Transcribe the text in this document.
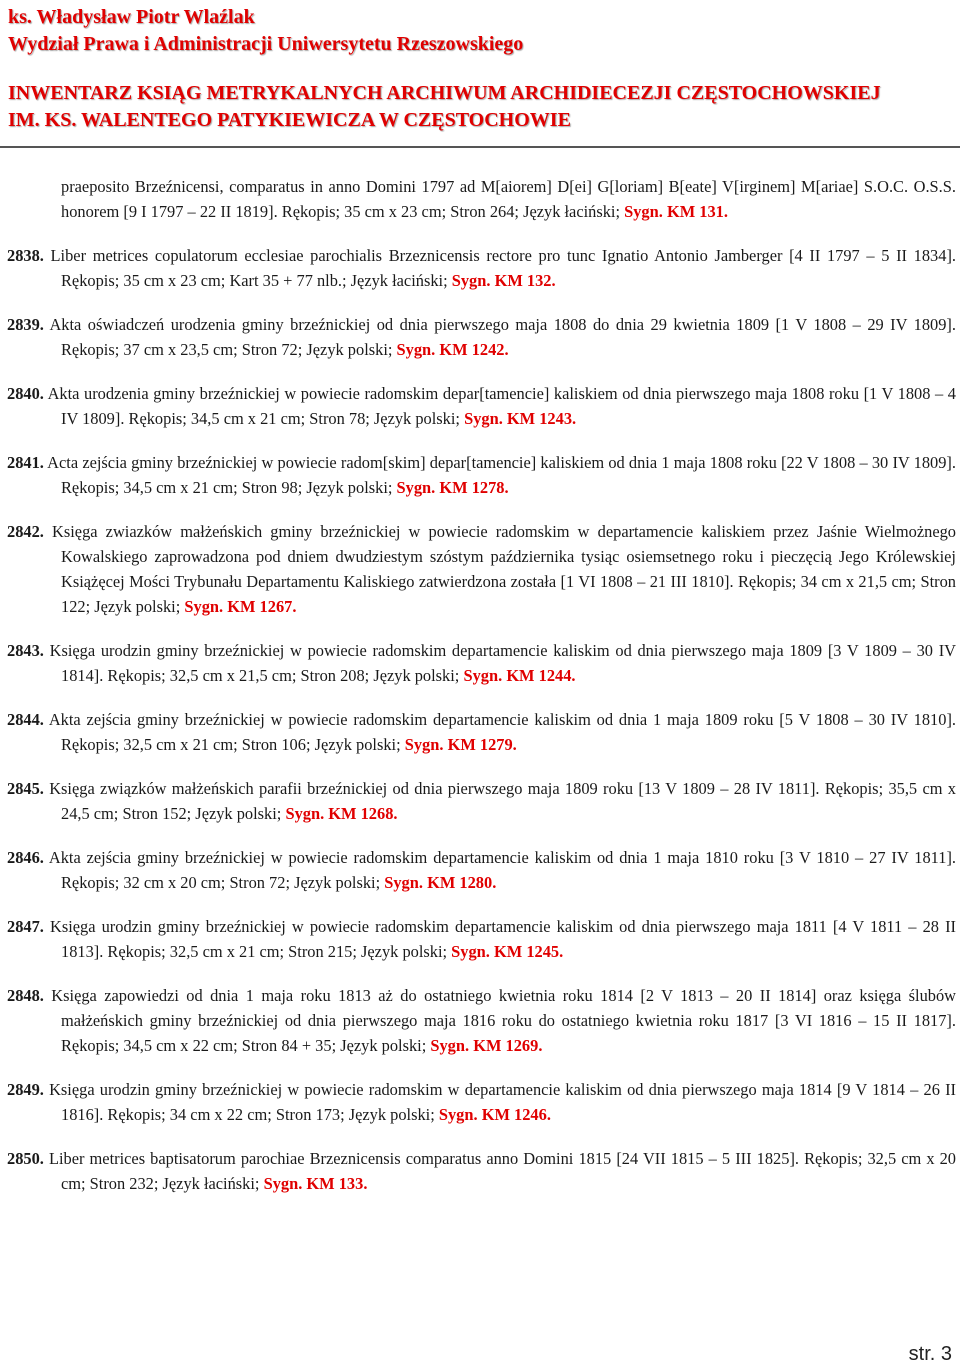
ks. Władysław Piotr Wlaźlak
Wydział Prawa i Administracji Uniwersytetu Rzeszowskiego
INWENTARZ KSIĄG METRYKALNYCH ARCHIWUM ARCHIDIECEZJI CZĘSTOCHOWSKIEJ
IM. KS. WALENTEGO PATYKIEWICZA W CZĘSTOCHOWIE

praeposito Brzeźnicensi, comparatus in anno Domini 1797 ad M[aiorem] D[ei] G[loriam] B[eate] V[irginem] M[ariae] S.O.C. O.S.S. honorem [9 I 1797 – 22 II 1819]. Rękopis; 35 cm x 23 cm; Stron 264; Język łaciński; Sygn. KM 131.

2838. Liber metrices copulatorum ecclesiae parochialis Brzeznicensis rectore pro tunc Ignatio Antonio Jamberger [4 II 1797 – 5 II 1834]. Rękopis; 35 cm x 23 cm; Kart 35 + 77 nlb.; Język łaciński; Sygn. KM 132.

2839. Akta oświadczeń urodzenia gminy brzeźnickiej od dnia pierwszego maja 1808 do dnia 29 kwietnia 1809 [1 V 1808 – 29 IV 1809]. Rękopis; 37 cm x 23,5 cm; Stron 72; Język polski; Sygn. KM 1242.

2840. Akta urodzenia gminy brzeźnickiej w powiecie radomskim depar[tamencie] kaliskiem od dnia pierwszego maja 1808 roku [1 V 1808 – 4 IV 1809]. Rękopis; 34,5 cm x 21 cm; Stron 78; Język polski; Sygn. KM 1243.

2841. Acta zejścia gminy brzeźnickiej w powiecie radom[skim] depar[tamencie] kaliskiem od dnia 1 maja 1808 roku [22 V 1808 – 30 IV 1809]. Rękopis; 34,5 cm x 21 cm; Stron 98; Język polski; Sygn. KM 1278.

2842. Księga zwiazków małżeńskich gminy brzeźnickiej w powiecie radomskim w departamencie kaliskiem przez Jaśnie Wielmożnego Kowalskiego zaprowadzona pod dniem dwudziestym szóstym października tysiąc osiemsetnego roku i pieczęcią Jego Królewskiej Książęcej Mości Trybunału Departamentu Kaliskiego zatwierdzona została [1 VI 1808 – 21 III 1810]. Rękopis; 34 cm x 21,5 cm; Stron 122; Język polski; Sygn. KM 1267.

2843. Księga urodzin gminy brzeźnickiej w powiecie radomskim departamencie kaliskim od dnia pierwszego maja 1809 [3 V 1809 – 30 IV 1814]. Rękopis; 32,5 cm x 21,5 cm; Stron 208; Język polski; Sygn. KM 1244.

2844. Akta zejścia gminy brzeźnickiej w powiecie radomskim departamencie kaliskim od dnia 1 maja 1809 roku [5 V 1808 – 30 IV 1810]. Rękopis; 32,5 cm x 21 cm; Stron 106; Język polski; Sygn. KM 1279.

2845. Księga związków małżeńskich parafii brzeźnickiej od dnia pierwszego maja 1809 roku [13 V 1809 – 28 IV 1811]. Rękopis; 35,5 cm x 24,5 cm; Stron 152; Język polski; Sygn. KM 1268.

2846. Akta zejścia gminy brzeźnickiej w powiecie radomskim departamencie kaliskim od dnia 1 maja 1810 roku [3 V 1810 – 27 IV 1811]. Rękopis; 32 cm x 20 cm; Stron 72; Język polski; Sygn. KM 1280.

2847. Księga urodzin gminy brzeźnickiej w powiecie radomskim departamencie kaliskim od dnia pierwszego maja 1811 [4 V 1811 – 28 II 1813]. Rękopis; 32,5 cm x 21 cm; Stron 215; Język polski; Sygn. KM 1245.

2848. Księga zapowiedzi od dnia 1 maja roku 1813 aż do ostatniego kwietnia roku 1814 [2 V 1813 – 20 II 1814] oraz księga ślubów małżeńskich gminy brzeźnickiej od dnia pierwszego maja 1816 roku do ostatniego kwietnia roku 1817 [3 VI 1816 – 15 II 1817]. Rękopis; 34,5 cm x 22 cm; Stron 84 + 35; Język polski; Sygn. KM 1269.

2849. Księga urodzin gminy brzeźnickiej w powiecie radomskim w departamencie kaliskim od dnia pierwszego maja 1814 [9 V 1814 – 26 II 1816]. Rękopis; 34 cm x 22 cm; Stron 173; Język polski; Sygn. KM 1246.

2850. Liber metrices baptisatorum parochiae Brzeznicensis comparatus anno Domini 1815 [24 VII 1815 – 5 III 1825]. Rękopis; 32,5 cm x 20 cm; Stron 232; Język łaciński; Sygn. KM 133.

str. 3
